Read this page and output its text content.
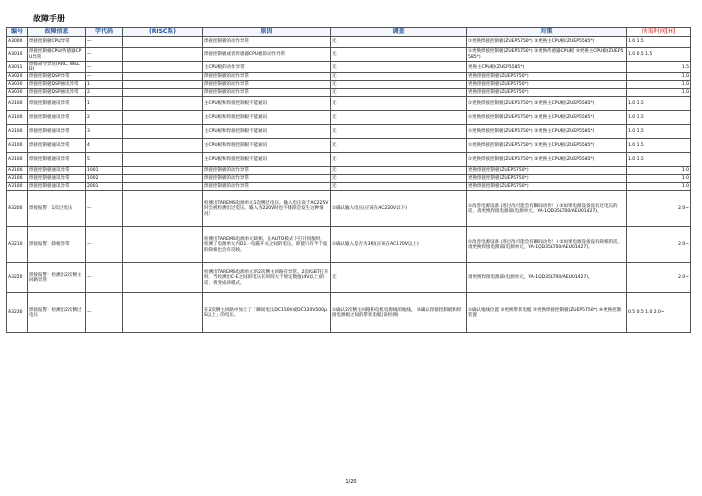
故障手册
编号	故障信息	字代码	(RISC系)	原因	调查	对策	所需时间[H]
A3000	焊接控制板CPU异常	—		焊接控制板的动作异常	无	①更换焊接控制板(ZUEP5750*) ②更换主CPU板(ZUEP5585*)	1.0 1.5
A3010	焊接控制板CPU/传感器CPU异常	—		焊接控制板或者传感器CPU板的动作异常	无	①更换焊接控制板(ZUEP5750*) ②更换传感器CPU板 ③更换主CPU板(ZUEP5585*)	1.0 0.5 1.5
A3011	焊接命令异常(ARC, WELD)	—		主CPU板的动作异常	无	更换主CPU板(ZUEP5585*)	1.5
A3020	焊接控制板DSP异常	—		焊接控制板的动作异常	无	更换焊接控制板(ZUEP5750*)	1.0
A3030	焊接控制板DSP通讯异常	1		焊接控制板的动作异常	无	更换焊接控制板(ZUEP5750*)	1.0
A3030	焊接控制板DSP通讯异常	2		焊接控制板的动作异常	无	更换焊接控制板(ZUEP5750*)	1.0
A3100	焊接控制板通讯异常	1		主CPU板和焊接控制板不能通讯	无	①更换焊接控制板(ZUEP5750*) ②更换主CPU板(ZUEP5585*)	1.0 1.5
A3100	焊接控制板通讯异常	2		主CPU板和焊接控制板不能通讯	无	①更换焊接控制板(ZUEP5750*) ②更换主CPU板(ZUEP5585*)	1.0 1.5
A3100	焊接控制板通讯异常	3		主CPU板和焊接控制板不能通讯	无	①更换焊接控制板(ZUEP5750*) ②更换主CPU板(ZUEP5585*)	1.0 1.5
A3100	焊接控制板通讯异常	4		主CPU板和焊接控制板不能通讯	无	①更换焊接控制板(ZUEP5750*) ②更换主CPU板(ZUEP5585*)	1.0 1.5
A3100	焊接控制板通讯异常	5		主CPU板和焊接控制板不能通讯	无	①更换焊接控制板(ZUEP5750*) ②更换主CPU板(ZUEP5585*)	1.0 1.5
A3100	焊接控制板通讯异常	1001		焊接控制板的动作异常	无	更换焊接控制板(ZUEP5750*)	1.0
A3100	焊接控制板通讯异常	1002		焊接控制板的动作异常	无	更换焊接控制板(ZUEP5750*)	1.0
A3100	焊接控制板通讯异常	2001		焊接控制板的动作异常	无	更换焊接控制板(ZUEP5750*)	1.0
A3200	焊接报警：1次过电压	—		检测出TAREMS电源单元1次侧过电压。输入电压高于AC225V时会被检测出过电压。输入为220V时也不排除会发生这种情况！	①确认输入电压(应该在AC220V以下)	①改善电源设备 (进过改可能会有瞬间动作！) ②如果电源设备没有过电压的话，请更换焊接电源部(电源单元，YA-1QD35LT00/AEU01427)。	2.0~
A3210	焊接报警：缺相异常	—		检测出TAREMS电源单元缺相。在AUTO模式下打开伺服时，检测了电源单元内D1一电磁开关之间的电压。即使只有半个波的缺相也会有反映。	①确认输入是否为3相(应该在AC170V以上)	①改善电源设备 (进过改可能会有瞬间动作！) ②如果电源设备没有缺相的话，请更换焊接电源部(电源单元，YA-1QD35LT00/AEU01427)。	2.0~
A3220	焊接报警：检测出2次侧主回路异常	—		检测出TAREMS电源单元的2次侧主回路有异常。2次IGBT打开时，当检测出C-E之间的电压长时间大于规定数值(4V以上)的话，将变成该模式。	无	请更换焊接电源部(电源单元，YA-1QD35LT00/AEU01427)。	2.0~
A3230	焊接报警：检测出2次侧过电压	—		在2次侧主回路中加上了「瞬间电压DC150V或DC120V500μS以上」的电压。	①确认2次侧主回路和电机电源线的地线。 ②确认焊接控制板和焊接电源板之间的带状电缆(误检测)	①确认地线位置 ②更换带状电缆 ③更换焊接控制板(ZUEP5750*) ④更换控制装置	0.5 0.5 1.0 2.0~
1/20
